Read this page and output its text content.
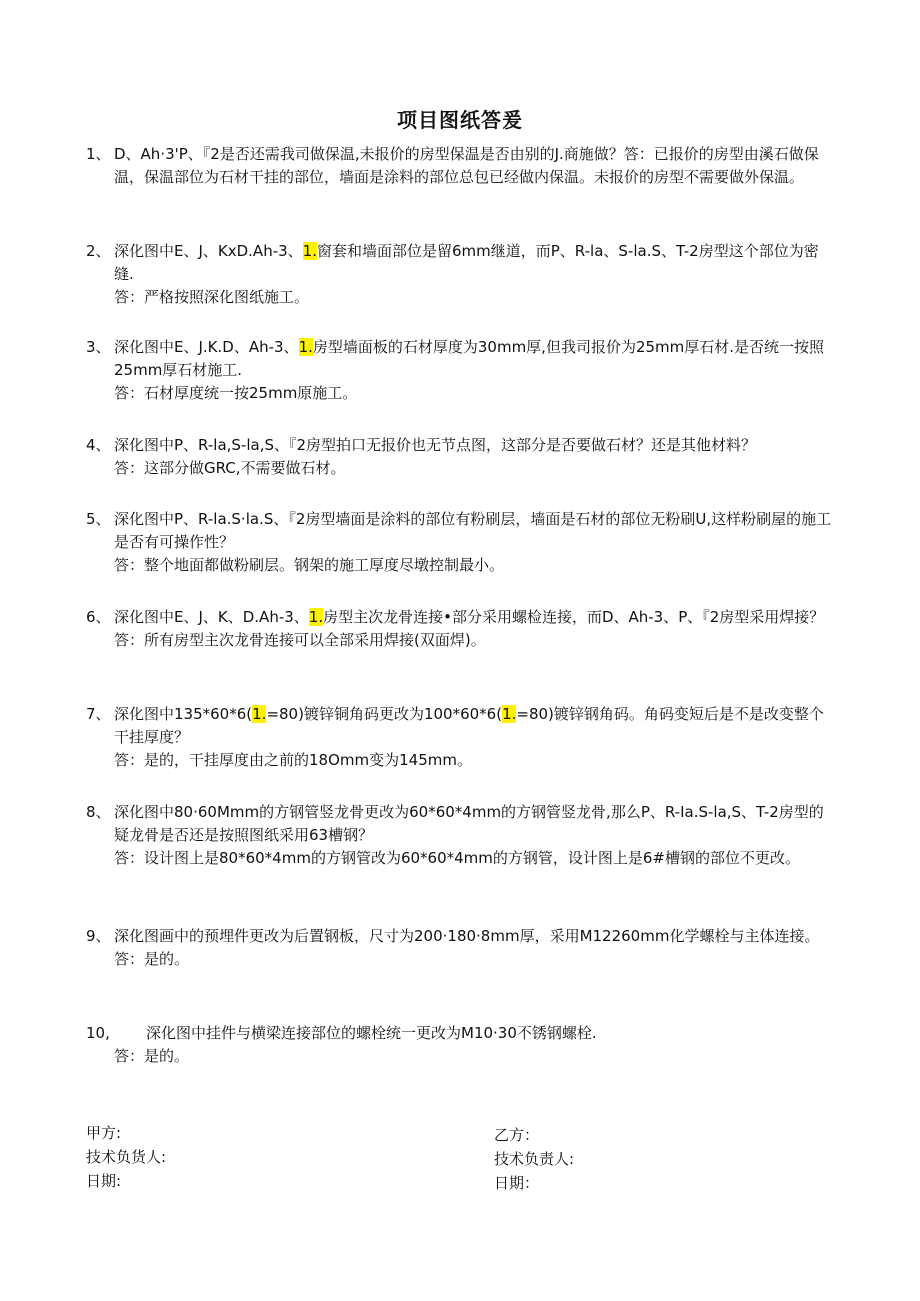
项目图纸答爰
1、 D、Ah·3'P、『2是否还需我司做保温,未报价的房型保温是否由别的J.商施做？答：已报价的房型由溪石做保温，保温部位为石材干挂的部位，墙面是涂料的部位总包已经做内保温。未报价的房型不需要做外保温。
2、 深化图中E、J、KxD.Ah-3、1.窗套和墙面部位是留6mm继道，而P、R-la、S-la.S、T-2房型这个部位为密缝.
答：严格按照深化图纸施工。
3、 深化图中E、J.K.D、Ah-3、1.房型墙面板的石材厚度为30mm厚,但我司报价为25mm厚石材.是否统一按照25mm厚石材施工.
答：石材厚度统一按25mm原施工。
4、 深化图中P、R-la,S-la,S、『2房型拍口无报价也无节点图，这部分是否要做石材？还是其他材料？
答：这部分做GRC,不需要做石材。
5、 深化图中P、R-la.S·la.S、『2房型墙面是涂料的部位有粉刷层，墙面是石材的部位无粉刷U,这样粉刷屋的施工是否有可操作性？
答：整个地面都做粉刷层。钢架的施工厚度尽墩控制最小。
6、 深化图中E、J、K、D.Ah-3、1.房型主次龙骨连接•部分采用螺检连接，而D、Ah-3、P、『2房型采用焊接？
答：所有房型主次龙骨连接可以全部采用焊接(双面焊)。
7、 深化图中135*60*6(1.=80)镀锌铜角码更改为100*60*6(1.=80)镀锌钢角码。角码变短后是不是改变整个干挂厚度？
答：是的，干挂厚度由之前的18Omm变为145mm。
8、 深化图中80·60Mmm的方钢管竖龙骨更改为60*60*4mm的方钢管竖龙骨,那么P、R-Ia.S-la,S、T-2房型的疑龙骨是否还是按照图纸采用63槽钢？
答：设计图上是80*60*4mm的方钢管改为60*60*4mm的方钢管，设计图上是6#槽钢的部位不更改。
9、 深化图画中的预埋件更改为后置钢板，尺寸为200·180·8mm厚，采用M12260mm化学螺栓与主体连接。
答：是的。
10,	深化图中挂件与横梁连接部位的螺栓统一更改为M10·30不锈钢螺栓.
答：是的。
甲方:
技术负货人:
日期:
乙方：
技术负责人:
日期：
